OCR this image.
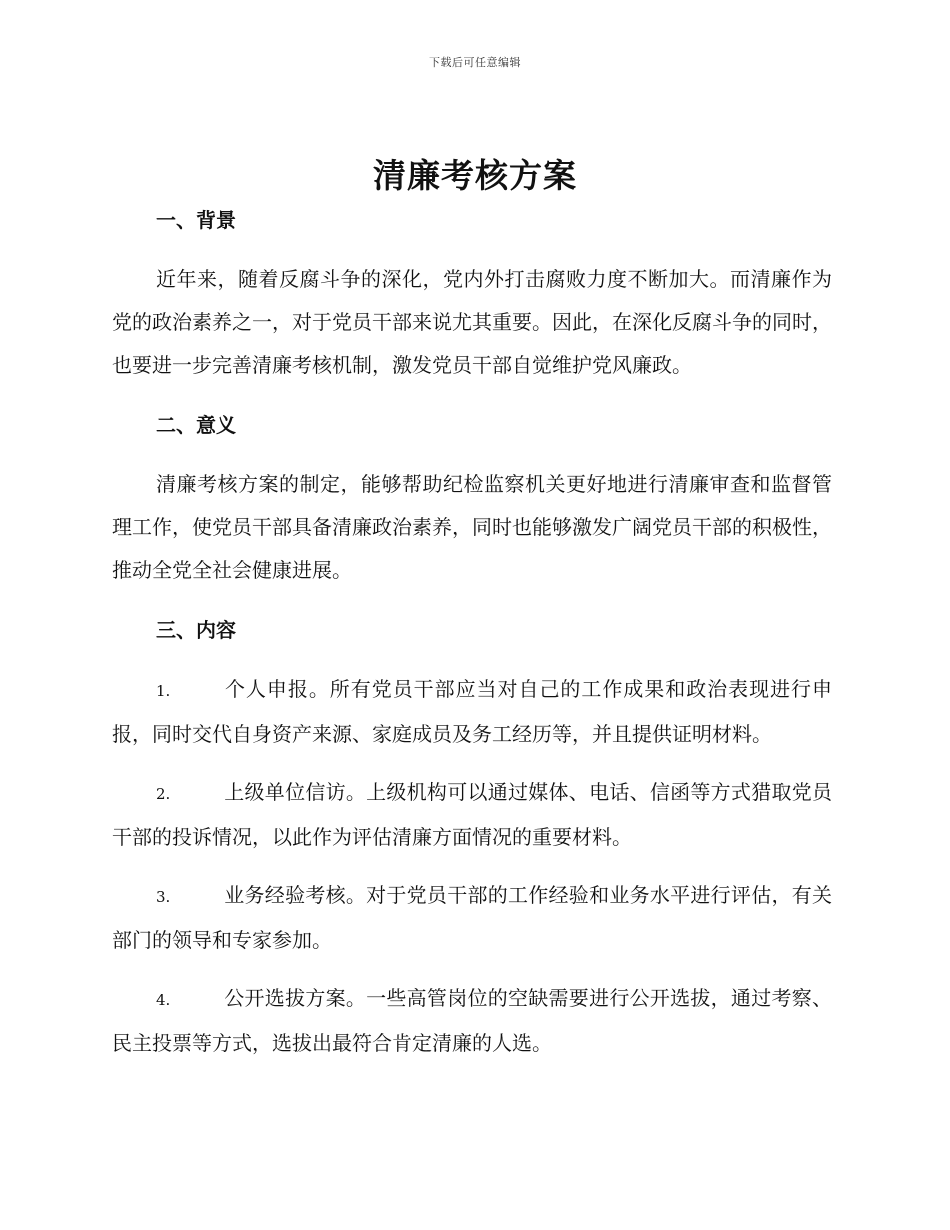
下载后可任意编辑
清廉考核方案
一、背景

近年来，随着反腐斗争的深化，党内外打击腐败力度不断加大。而清廉作为党的政治素养之一，对于党员干部来说尤其重要。因此，在深化反腐斗争的同时，也要进一步完善清廉考核机制，激发党员干部自觉维护党风廉政。

二、意义

清廉考核方案的制定，能够帮助纪检监察机关更好地进行清廉审查和监督管理工作，使党员干部具备清廉政治素养，同时也能够激发广阔党员干部的积极性，推动全党全社会健康进展。

三、内容

1.	个人申报。所有党员干部应当对自己的工作成果和政治表现进行申报，同时交代自身资产来源、家庭成员及务工经历等，并且提供证明材料。

2.	上级单位信访。上级机构可以通过媒体、电话、信函等方式猎取党员干部的投诉情况，以此作为评估清廉方面情况的重要材料。

3.	业务经验考核。对于党员干部的工作经验和业务水平进行评估，有关部门的领导和专家参加。

4.	公开选拔方案。一些高管岗位的空缺需要进行公开选拔，通过考察、民主投票等方式，选拔出最符合肯定清廉的人选。
